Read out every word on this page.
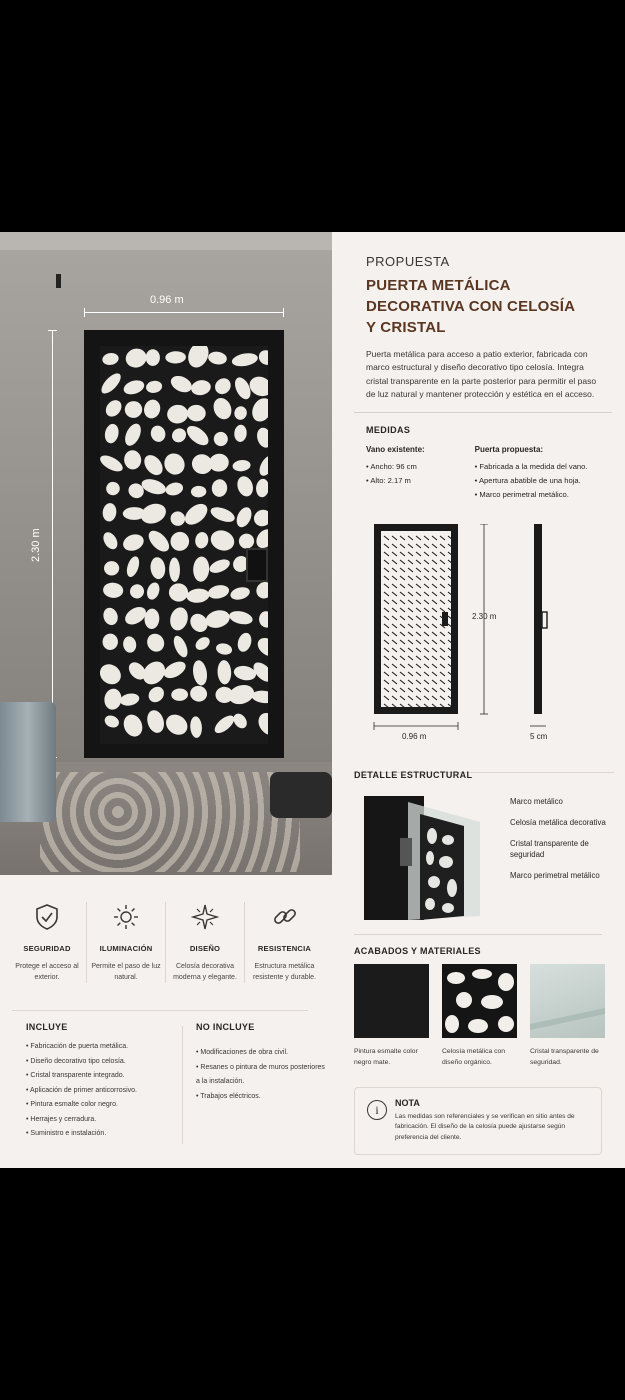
0.96 m
2.30 m
PROPUESTA
PUERTA METÁLICA
DECORATIVA CON CELOSÍA
Y CRISTAL
Puerta metálica para acceso a patio exterior, fabricada con marco estructural y diseño decorativo tipo celosía. Integra cristal transparente en la parte posterior para permitir el paso de luz natural y mantener protección y estética en el acceso.
MEDIDAS
Vano existente:
• Ancho: 96 cm
• Alto: 2.17 m
Puerta propuesta:
• Fabricada a la medida del vano.
• Apertura abatible de una hoja.
• Marco perimetral metálico.
2.30 m
0.96 m	5 cm
DETALLE ESTRUCTURAL
Marco metálico
Celosía metálica decorativa
Cristal transparente de seguridad
Marco perimetral metálico
SEGURIDAD
Protege el acceso al exterior.
ILUMINACIÓN
Permite el paso de luz natural.
DISEÑO
Celosía decorativa moderna y elegante.
RESISTENCIA
Estructura metálica resistente y durable.
INCLUYE
• Fabricación de puerta metálica.
• Diseño decorativo tipo celosía.
• Cristal transparente integrado.
• Aplicación de primer anticorrosivo.
• Pintura esmalte color negro.
• Herrajes y cerradura.
• Suministro e instalación.
NO INCLUYE
• Modificaciones de obra civil.
• Resanes o pintura de muros posteriores a la instalación.
• Trabajos eléctricos.
ACABADOS Y MATERIALES
Pintura esmalte color negro mate.
Celosía metálica con diseño orgánico.
Cristal transparente de seguridad.
i	NOTA
Las medidas son referenciales y se verifican en sitio antes de fabricación. El diseño de la celosía puede ajustarse según preferencia del cliente.
